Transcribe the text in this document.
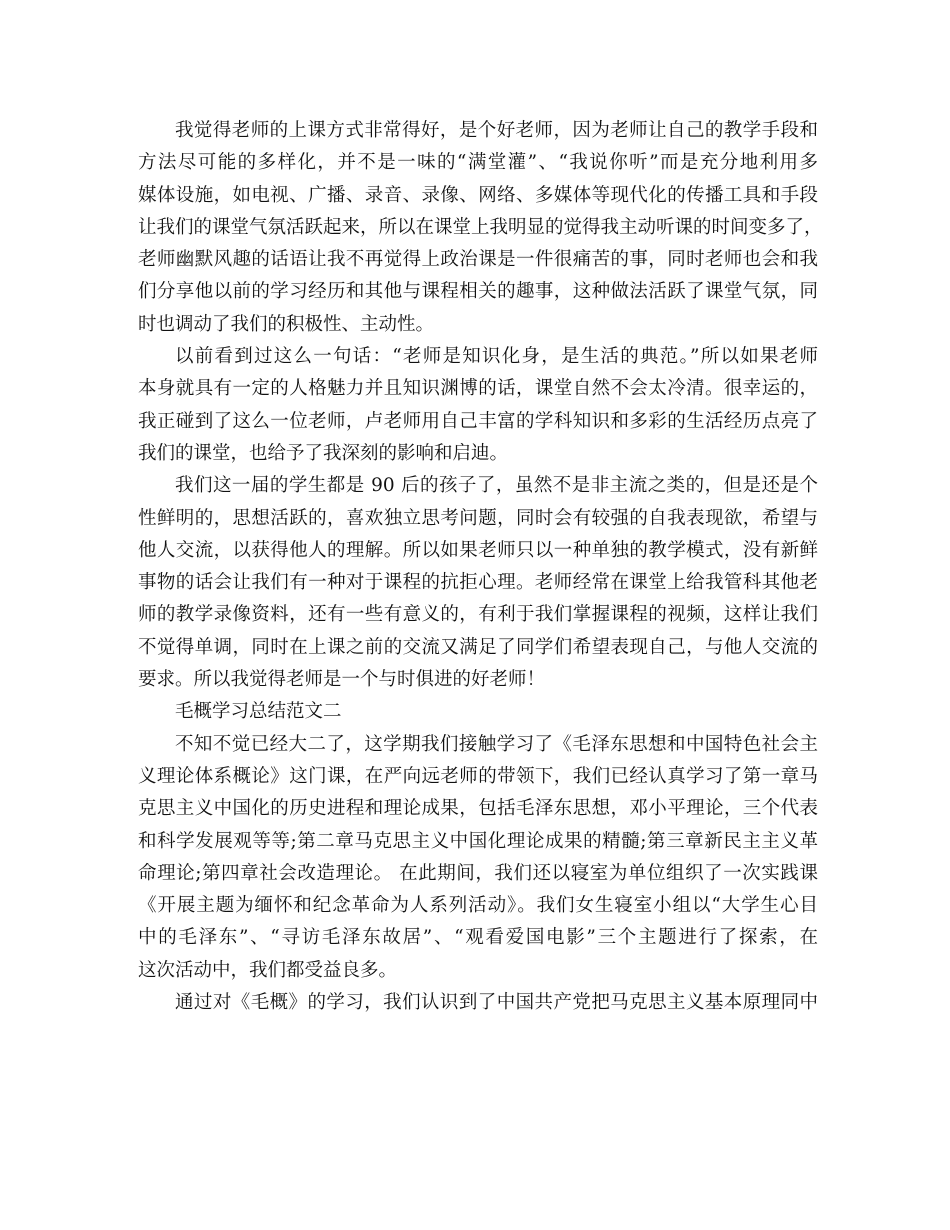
我觉得老师的上课方式非常得好，是个好老师，因为老师让自己的教学手段和
方法尽可能的多样化，并不是一味的“满堂灌”、“我说你听”而是充分地利用多
媒体设施，如电视、广播、录音、录像、网络、多媒体等现代化的传播工具和手段
让我们的课堂气氛活跃起来，所以在课堂上我明显的觉得我主动听课的时间变多了，
老师幽默风趣的话语让我不再觉得上政治课是一件很痛苦的事，同时老师也会和我
们分享他以前的学习经历和其他与课程相关的趣事，这种做法活跃了课堂气氛，同
时也调动了我们的积极性、主动性。
以前看到过这么一句话：“老师是知识化身，是生活的典范。”所以如果老师
本身就具有一定的人格魅力并且知识渊博的话，课堂自然不会太冷清。很幸运的，
我正碰到了这么一位老师，卢老师用自己丰富的学科知识和多彩的生活经历点亮了
我们的课堂，也给予了我深刻的影响和启迪。
我们这一届的学生都是 90 后的孩子了，虽然不是非主流之类的，但是还是个
性鲜明的，思想活跃的，喜欢独立思考问题，同时会有较强的自我表现欲，希望与
他人交流，以获得他人的理解。所以如果老师只以一种单独的教学模式，没有新鲜
事物的话会让我们有一种对于课程的抗拒心理。老师经常在课堂上给我管科其他老
师的教学录像资料，还有一些有意义的，有利于我们掌握课程的视频，这样让我们
不觉得单调，同时在上课之前的交流又满足了同学们希望表现自己，与他人交流的
要求。所以我觉得老师是一个与时俱进的好老师！
毛概学习总结范文二
不知不觉已经大二了，这学期我们接触学习了《毛泽东思想和中国特色社会主
义理论体系概论》这门课，在严向远老师的带领下，我们已经认真学习了第一章马
克思主义中国化的历史进程和理论成果，包括毛泽东思想，邓小平理论，三个代表
和科学发展观等等;第二章马克思主义中国化理论成果的精髓;第三章新民主主义革
命理论;第四章社会改造理论。 在此期间，我们还以寝室为单位组织了一次实践课
《开展主题为缅怀和纪念革命为人系列活动》。我们女生寝室小组以“大学生心目
中的毛泽东”、“寻访毛泽东故居”、“观看爱国电影”三个主题进行了探索，在
这次活动中，我们都受益良多。
通过对《毛概》的学习，我们认识到了中国共产党把马克思主义基本原理同中
